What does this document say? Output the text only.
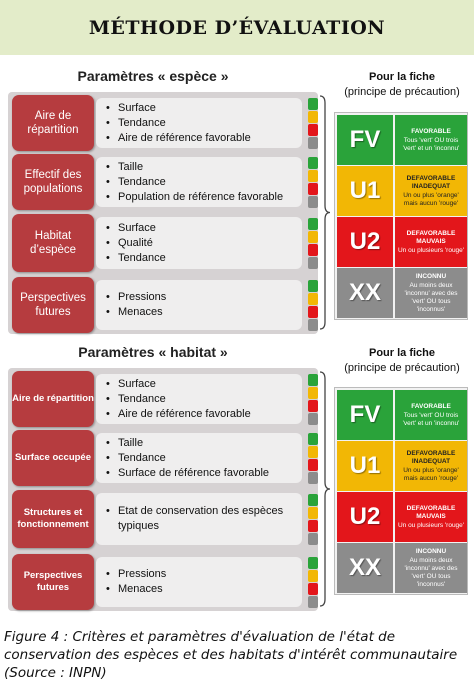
MÉTHODE D’ÉVALUATION
Paramètres « espèce »
Aire de répartition
• Surface
• Tendance
• Aire de référence favorable
Effectif des populations
• Taille
• Tendance
• Population de référence favorable
Habitat d’espèce
• Surface
• Qualité
• Tendance
Perspectives futures
• Pressions
• Menaces
Pour la fiche
(principe de précaution)
FV	FAVORABLE
Tous 'vert' OU trois 'vert' et un 'inconnu'
U1	DEFAVORABLE INADEQUAT
Un ou plus 'orange' mais aucun 'rouge'
U2	DEFAVORABLE MAUVAIS
Un ou plusieurs 'rouge'
XX
INCONNU
Au moins deux 'inconnu' avec des 'vert' OU tous 'inconnus'
Paramètres « habitat »
Aire de répartition
• Surface
• Tendance
• Aire de référence favorable
Surface occupée
• Taille
• Tendance
• Surface de référence favorable
Structures et fonctionnement
• Etat de conservation des espèces typiques
Perspectives futures
• Pressions
• Menaces
Pour la fiche
(principe de précaution)
FV	FAVORABLE
Tous 'vert' OU trois 'vert' et un 'inconnu'
U1	DEFAVORABLE INADEQUAT
Un ou plus 'orange' mais aucun 'rouge'
U2	DEFAVORABLE MAUVAIS
Un ou plusieurs 'rouge'
XX
INCONNU
Au moins deux 'inconnu' avec des 'vert' OU tous 'inconnus'
Figure 4 : Critères et paramètres d'évaluation de l'état de conservation des espèces et des habitats d'intérêt communautaire (Source : INPN)
